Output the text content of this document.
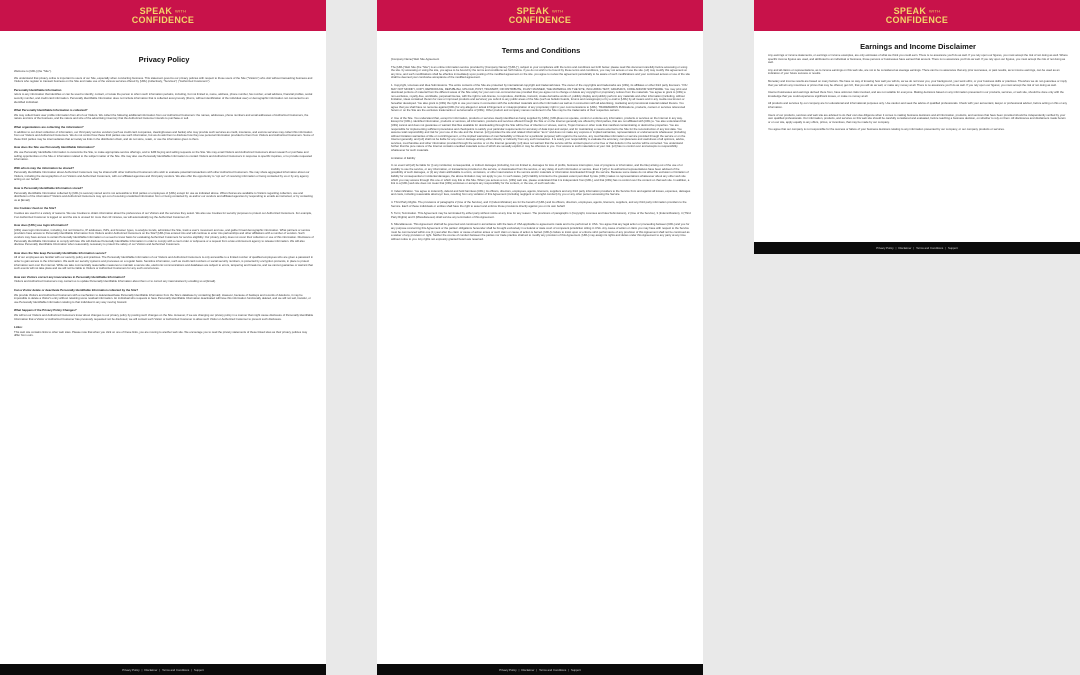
SPEAK WITH
CONFIDENCE
Privacy Policy
Welcome to [URL] (the "Site").
We understand that privacy online is important to users of our Site, especially when conducting business. This statement governs our privacy policies with respect to those users of the Site ("Visitors") who visit without transacting business and Visitors who register to transact business on the Site and make use of the various services offered by [URL] (collectively, "Services") ("Authorized Customers").
Personally Identifiable Information
refers to any information that identifies or can be used to identify, contact, or locate the person to whom such information pertains, including, but not limited to, name, address, phone number, fax number, email address, financial profiles, social security number, and credit card information. Personally Identifiable Information does not include information that is collected anonymously (that is, without identification of the individual user) or demographic information not connected to an identified individual.
What Personally Identifiable Information is collected?
We may collect basic user profile information from all of our Visitors. We collect the following additional information from our Authorized Customers: the names, addresses, phone numbers and email addresses of Authorized Customers, the nature and size of the business, and the nature and size of the advertising inventory that the Authorized Customer intends to purchase or sell.
What organizations are collecting the information?
In addition to our direct collection of information, our third party service vendors (such as credit card companies, clearinghouses and banks) who may provide such services as credit, insurance, and escrow services may collect this information from our Visitors and Authorized Customers. We do not control how these third parties use such information, but we do ask them to disclose how they use personal information provided to them from Visitors and Authorized Customers. Some of these third parties may be intermediaries that act solely as links in the distribution chain, and do not store, retain, or use the information given to them.
How does the Site use Personally Identifiable Information?
We use Personally Identifiable Information to customize the Site, to make appropriate service offerings, and to fulfill buying and selling requests on the Site. We may email Visitors and Authorized Customers about research or purchase and selling opportunities on the Site or information related to the subject matter of the Site. We may also use Personally Identifiable Information to contact Visitors and Authorized Customers in response to specific inquiries, or to provide requested information.
With whom may the information be shared?
Personally Identifiable Information about Authorized Customers may be shared with other Authorized Customers who wish to evaluate potential transactions with other Authorized Customers. We may share aggregated information about our Visitors, including the demographics of our Visitors and Authorized Customers, with our affiliated agencies and third party vendors. We also offer the opportunity to "opt out" of receiving information or being contacted by us or by any agency acting on our behalf.
How is Personally Identifiable Information stored?
Personally Identifiable Information collected by [URL] is securely stored and is not accessible to third parties or employees of [URL] except for use as indicated above. What choices are available to Visitors regarding collection, use and distribution of the information? Visitors and Authorized Customers may opt out of receiving unsolicited information from or being contacted by us and/or our vendors and affiliated agencies by responding to emails as instructed, or by contacting us at [Email].
Are Cookies Used on the Site?
Cookies are used for a variety of reasons. We use Cookies to obtain information about the preferences of our Visitors and the services they select. We also use Cookies for security purposes to protect our Authorized Customers. For example, if an Authorized Customer is logged on and the site is unused for more than 10 minutes, we will automatically log the Authorized Customer off.
How does [URL] use login information?
[URL] uses login information, including, but not limited to, IP addresses, ISPs, and browser types, to analyze trends, administer the Site, track a user's movement and use, and gather broad demographic information. What partners or service providers have access to Personally Identifiable Information from Visitors and/or Authorized Customers on the Site? [URL] has entered into and will continue to enter into partnerships and other affiliations with a number of vendors. Such vendors may have access to certain Personally Identifiable Information on a need to know basis for evaluating Authorized Customers for service eligibility. Our privacy policy does not cover their collection or use of this information. Disclosure of Personally Identifiable Information to comply with law. We will disclose Personally Identifiable Information in order to comply with a court order or subpoena or a request from a law enforcement agency to release information. We will also disclose Personally Identifiable Information when reasonably necessary to protect the safety of our Visitors and Authorized Customers.
How does the Site keep Personally Identifiable Information secure?
All of our employees are familiar with our security policy and practices. The Personally Identifiable Information of our Visitors and Authorized Customers is only accessible to a limited number of qualified employees who are given a password in order to gain access to the information. We audit our security systems and processes on a regular basis. Sensitive information, such as credit card numbers or social security numbers, is protected by encryption protocols, in place to protect information sent over the Internet. While we take commercially reasonable measures to maintain a secure site, electronic communications and databases are subject to errors, tampering and break-ins, and we cannot guarantee or warrant that such events will not take place and we will not be liable to Visitors or Authorized Customers for any such occurrences.
How can Visitors correct any inaccuracies in Personally Identifiable Information?
Visitors and Authorized Customers may contact us to update Personally Identifiable Information about them or to correct any inaccuracies by emailing us at [Email].
Can a Visitor delete or deactivate Personally Identifiable Information collected by the Site?
We provide Visitors and Authorized Customers with a mechanism to delete/deactivate Personally Identifiable Information from the Site's database by contacting [Email]. However, because of backups and records of deletions, it may be impossible to delete a Visitor's entry without retaining some residual information. An individual who requests to have Personally Identifiable Information deactivated will have this information functionally deleted, and we will not sell, transfer, or use Personally Identifiable Information relating to that individual in any way moving forward.
What happens if the Privacy Policy Changes?
We will let our Visitors and Authorized Customers know about changes to our privacy policy by posting such changes on the Site. However, if we are changing our privacy policy in a manner that might cause disclosure of Personally Identifiable Information that a Visitor or Authorized Customer has previously requested not be disclosed, we will contact such Visitor or Authorized Customer to allow such Visitor or Authorized Customer to prevent such disclosure.
Links:
This web site contains links to other web sites. Please note that when you click on one of these links, you are moving to another web site. We encourage you to read the privacy statements of these linked sites as their privacy policies may differ from ours.
Privacy Policy | Disclaimer | Terms and Conditions | Support
SPEAK WITH
CONFIDENCE
Terms and Conditions
[Company Name] Web Site Agreement
The [URL] Web Site (the "Site") is an online information service provided by [Company Name] ("[URL]"), subject to your compliance with the terms and conditions set forth below. please read this document carefully before accessing or using the site. by accessing or using the site, you agree to be bound by the terms and conditions set forth below. if you do not wish to be bound by these terms and conditions, you may not access or use the site. [url] may modify this agreement at any time, and such modifications shall be effective immediately upon posting of the modified agreement on the site. you agree to review the agreement periodically to be aware of such modifications and your continued access or use of the site shall be deemed your conclusive acceptance of the modified agreement.
1. Copyright, Licenses and Idea Submissions. The entire contents of the Site are protected by international copyright and trademark laws. The owner of the copyrights and trademarks are [URL], its affiliates or other third party licensors. YOU MAY NOT MODIFY, COPY, REPRODUCE, REPUBLISH, UPLOAD, POST, TRANSMIT, OR DISTRIBUTE, IN ANY MANNER, THE MATERIAL ON THE SITE, INCLUDING TEXT, GRAPHICS, CODE AND/OR SOFTWARE. You may print and download portions of material from the different areas of the Site solely for your own non-commercial use provided that you agree not to change or delete any copyright or proprietary notices from the materials. You agree to grant to [URL] a non-exclusive, royalty-free, worldwide, perpetual license, with the right to sub-license, to reproduce, distribute, transmit, create derivative works of, publicly display and publicly perform any materials and other information (including, without limitation, ideas contained therein for new or improved products and services) you submit to any public areas of the Site (such as bulletin boards, forums and newsgroups) or by e-mail to [URL] by all means and in any media now known or hereafter developed. You also grant to [URL] the right to use your name in connection with the submitted materials and other information as well as in connection with all advertising, marketing and promotional material related thereto. You agree that you shall have no recourse against [URL] for any alleged or actual infringement or misappropriation of any proprietary right in your communications to [URL]. TRADEMARKS Publications, products, content or services referenced herein or on the Site are the exclusive trademarks or servicemarks of [URL]. Other product and company names mentioned in the Site may be the trademarks of their respective owners.
2. Use of the Site. You understand that, except for information, products or services clearly identified as being supplied by [URL], [URL]does not operate, control or endorse any information, products or services on the Internet in any way. Except for [URL]- identified information, products or services, all information, products and services offered through the Site or on the Internet generally are offered by third parties, that are not affiliated with [URL] a. You also understand that [URL] cannot and does not guarantee or warrant that files available for downloading through the Site will be free of infection or viruses, worms, Trojan horses or other code that manifest contaminating or destructive properties. You are responsible for implementing sufficient procedures and checkpoints to satisfy your particular requirements for accuracy of data input and output, and for maintaining a means external to the Site for the reconstruction of any lost data. You assume total responsibility and risk for your use of the site and the Internet. [url] provides the site and related information "as is" and does not make any express or implied warranties, representations or endorsements whatsoever (including without limitation warranties of title or noninfringement, or the implied warranties of merchantability or fitness for a particular purpose) with regard to the service, any merchandise information or service provided through the service or on the Internet generally, and [url] shall not be liable for any cost or damage arising either directly or indirectly from any such transaction. It is solely your responsibility to evaluate the accuracy, completeness and usefulness of all opinions, advice, services, merchandise and other information provided through the service or on the Internet generally. [url] does not warrant that the service will be uninterrupted or error-free or that defects in the service will be corrected. You understand further that the pure nature of the Internet contains unedited materials some of which are sexually explicit or may be offensive to you. Your access to such materials is at your risk. [url] has no control over and accepts no responsibility whatsoever for such materials.
Limitation of liability
In no event will [url] be liable for (i) any incidental, consequential, or indirect damages (including, but not limited to, damages for loss of profits, business interruption, loss of programs or information, and the like) arising out of the use of or inability to use the service, or any information, or transactions provided on the service, or downloaded from the service, or any delay of such information or service. Even if [url] or its authorized representatives have been advised of the possibility of such damages, or (ii) any claim attributable to errors, omissions, or other inaccuracies in the service and/or materials or information downloaded through the service. Because some states do not allow the exclusion or limitation of liability for consequential or incidental damages, the above limitation may not apply to you. In such states, [url]'s liability is limited to the greatest extent permitted by law. [URL] makes no representations whatsoever about any other web site which you may access through this one or which may link to this Site. When you access a non- [URL] web site, please understand that it is independent from [URL], and that [URL] has no control over the content on that web site. In addition, a link to a [URL] web site does not mean that [URL] endorses or accepts any responsibility for the content, or the use, of such web site.
3. Indemnification. You agree to indemnify, defend and hold harmless [URL], its officers, directors, employees, agents, licensors, suppliers and any third party information providers to the Service from and against all losses, expenses, damages and costs, including reasonable attorneys' fees, resulting from any violation of this Agreement (including negligent or wrongful conduct) by you or any other person accessing the Service.
4. Third Party Rights. The provisions of paragraphs 2 (Use of the Service), and 3 (Indemnification) are for the benefit of [URL] and its officers, directors, employees, agents, licensors, suppliers, and any third party information providers to the Service. Each of these individuals or entities shall have the right to assert and enforce those provisions directly against you on its own behalf.
5. Term; Termination. This Agreement may be terminated by either party without notice at any time for any reason. The provisions of paragraphs 1 (Copyright, Licenses and Idea Submissions), 2 (Use of the Service), 3 (Indemnification), 4 (Third Party Rights) and 6 (Miscellaneous) shall survive any termination of this Agreement.
6. Miscellaneous. This Agreement shall all be governed and construed in accordance with the laws of USA applicable to agreements made and to be performed in USA. You agree that any legal action or proceeding between [URL] and you for any purpose concerning this Agreement or the parties' obligations hereunder shall be brought exclusively in a federal or state court of competent jurisdiction sitting in USA. Any cause of action or claim you may have with respect to the Service must be commenced within one (1) year after the claim or cause of action arises or such claim or cause of action is barred. [URL]'s failure to insist upon or enforce strict performance of any provision of this Agreement shall not be construed as a waiver of any provision or right. Neither the course of conduct between the parties nor trade practice shall act to modify any provision of this Agreement. [URL] may assign its rights and duties under this Agreement to any party at any time without notice to you. Any rights not expressly granted herein are reserved.
Privacy Policy | Disclaimer | Terms and Conditions | Support
SPEAK WITH
CONFIDENCE
Earnings and Income Disclaimer
Any earnings or income statements, or earnings or income examples, are only estimates of what we think you could earn. There is no assurance you'll do as well. If you rely upon our figures, you must accept the risk of not doing as well. Where specific income figures are used, and attributed to an individual or business, those persons or businesses have earned that amount. There is no assurance you'll do as well. If you rely upon our figures, you must accept the risk of not doing as well.
Any and all claims or representations, as to income earnings on this web site, are not to be considered as average earnings. There can be no assurance that any prior successes, or past results, as to income earnings, can be used as an indication of your future success or results.
Monetary and income results are based on many factors. We have no way of knowing how well you will do, as we do not know you, your background, your work ethic, or your business skills or practices. Therefore we do not guarantee or imply that you will win any incentives or prizes that may be offered, get rich, that you will do as well, or make any money at all. There is no assurance you'll do as well. If you rely upon our figures; you must accept the risk of not doing as well.
Internet businesses and earnings derived there from, have unknown risks involved, and are not suitable for everyone. Making decisions based on any information presented in our products, services, or web site, should be done only with the knowledge that you could experience significant losses, or make no money at all.
All products and services by our company are for educational and informational purposes only. Use caution and seek the advice of qualified professionals. Check with your accountant, lawyer or professional advisor, before acting on this or any information.
Users of our products, services and web site are advised to do their own due diligence when it comes to making business decisions and all information, products, and services that have been provided should be independently verified by your own qualified professionals. Our information, products, and services on this web site should be carefully considered and evaluated, before reaching a business decision, on whether to rely on them. All disclosures and disclaimers made herein or on our site, apply equally to any offers, prizes, or incentives, that may be made by our company.
You agree that our company is not responsible for the success or failure of your business decisions relating to any information presented by our company, or our company products or services.
Privacy Policy | Disclaimer | Terms and Conditions | Support
